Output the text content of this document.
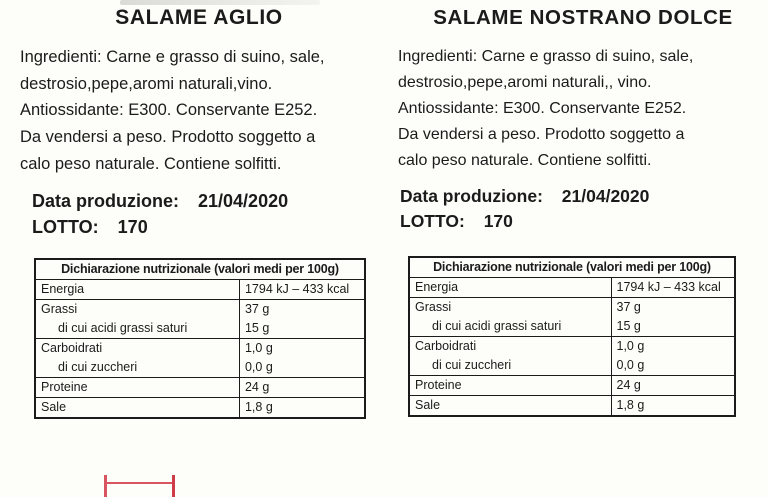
SALAME AGLIO
Ingredienti: Carne e grasso di suino, sale,
destrosio,pepe,aromi naturali,vino.
Antiossidante: E300. Conservante E252.
Da vendersi a peso. Prodotto soggetto a
calo peso naturale. Contiene solfitti.
Data produzione: 21/04/2020
LOTTO: 170
Dichiarazione nutrizionale (valori medi per 100g)	
Energia	1794 kJ – 433 kcal
Grassi	37 g
di cui acidi grassi saturi	15 g
Carboidrati	1,0 g
di cui zuccheri	0,0 g
Proteine	24 g
Sale	1,8 g
SALAME NOSTRANO DOLCE
Ingredienti: Carne e grasso di suino, sale,
destrosio,pepe,aromi naturali,, vino.
Antiossidante: E300. Conservante E252.
Da vendersi a peso. Prodotto soggetto a
calo peso naturale. Contiene solfitti.
Data produzione: 21/04/2020
LOTTO: 170
Dichiarazione nutrizionale (valori medi per 100g)	
Energia	1794 kJ – 433 kcal
Grassi	37 g
di cui acidi grassi saturi	15 g
Carboidrati	1,0 g
di cui zuccheri	0,0 g
Proteine	24 g
Sale	1,8 g
